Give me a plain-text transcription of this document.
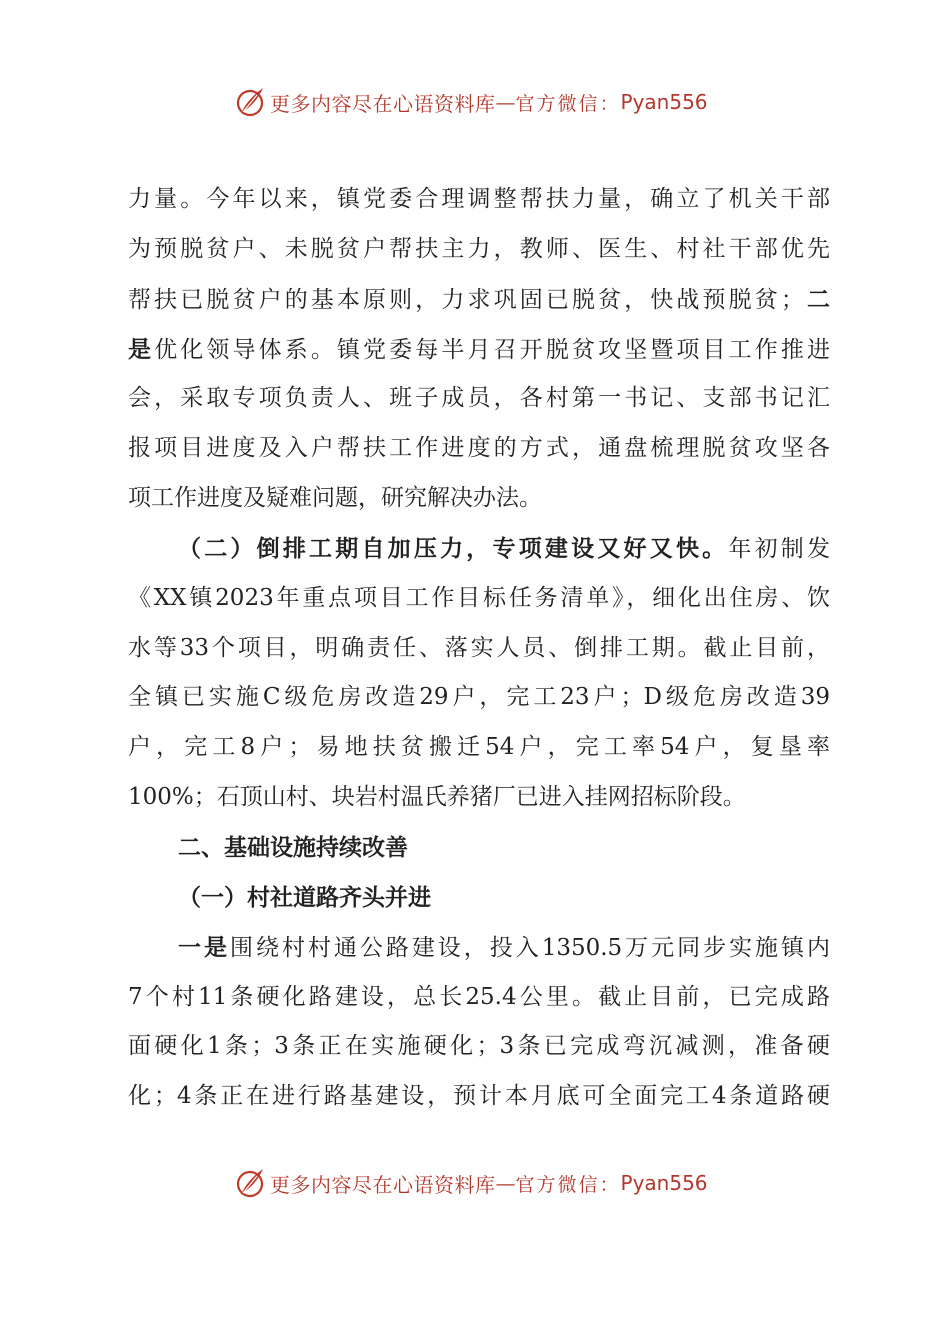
更多内容尽在心语资料库 — 官方微信： Pyan556
力量。今年以来，镇党委合理调整帮扶力量，确立了机关干部
为预脱贫户、未脱贫户帮扶主力，教师、医生、村社干部优先
帮扶已脱贫户的基本原则，力求巩固已脱贫，快战预脱贫；二
是优化领导体系。镇党委每半月召开脱贫攻坚暨项目工作推进
会，采取专项负责人、班子成员，各村第一书记、支部书记汇
报项目进度及入户帮扶工作进度的方式，通盘梳理脱贫攻坚各
项工作进度及疑难问题，研究解决办法。
（二）倒排工期自加压力，专项建设又好又快。年初制发
《XX镇2023年重点项目工作目标任务清单》，细化出住房、饮
水等33个项目，明确责任、落实人员、倒排工期。截止目前，
全镇已实施C级危房改造29户，完工23户；D级危房改造39
户，完工8户；易地扶贫搬迁54户，完工率54户，复垦率
100%；石顶山村、块岩村温氏养猪厂已进入挂网招标阶段。
二、基础设施持续改善
（一）村社道路齐头并进
一是围绕村村通公路建设，投入1350.5万元同步实施镇内
7个村11条硬化路建设，总长25.4公里。截止目前，已完成路
面硬化1条；3条正在实施硬化；3条已完成弯沉减测，准备硬
化；4条正在进行路基建设，预计本月底可全面完工4条道路硬
更多内容尽在心语资料库 — 官方微信： Pyan556
